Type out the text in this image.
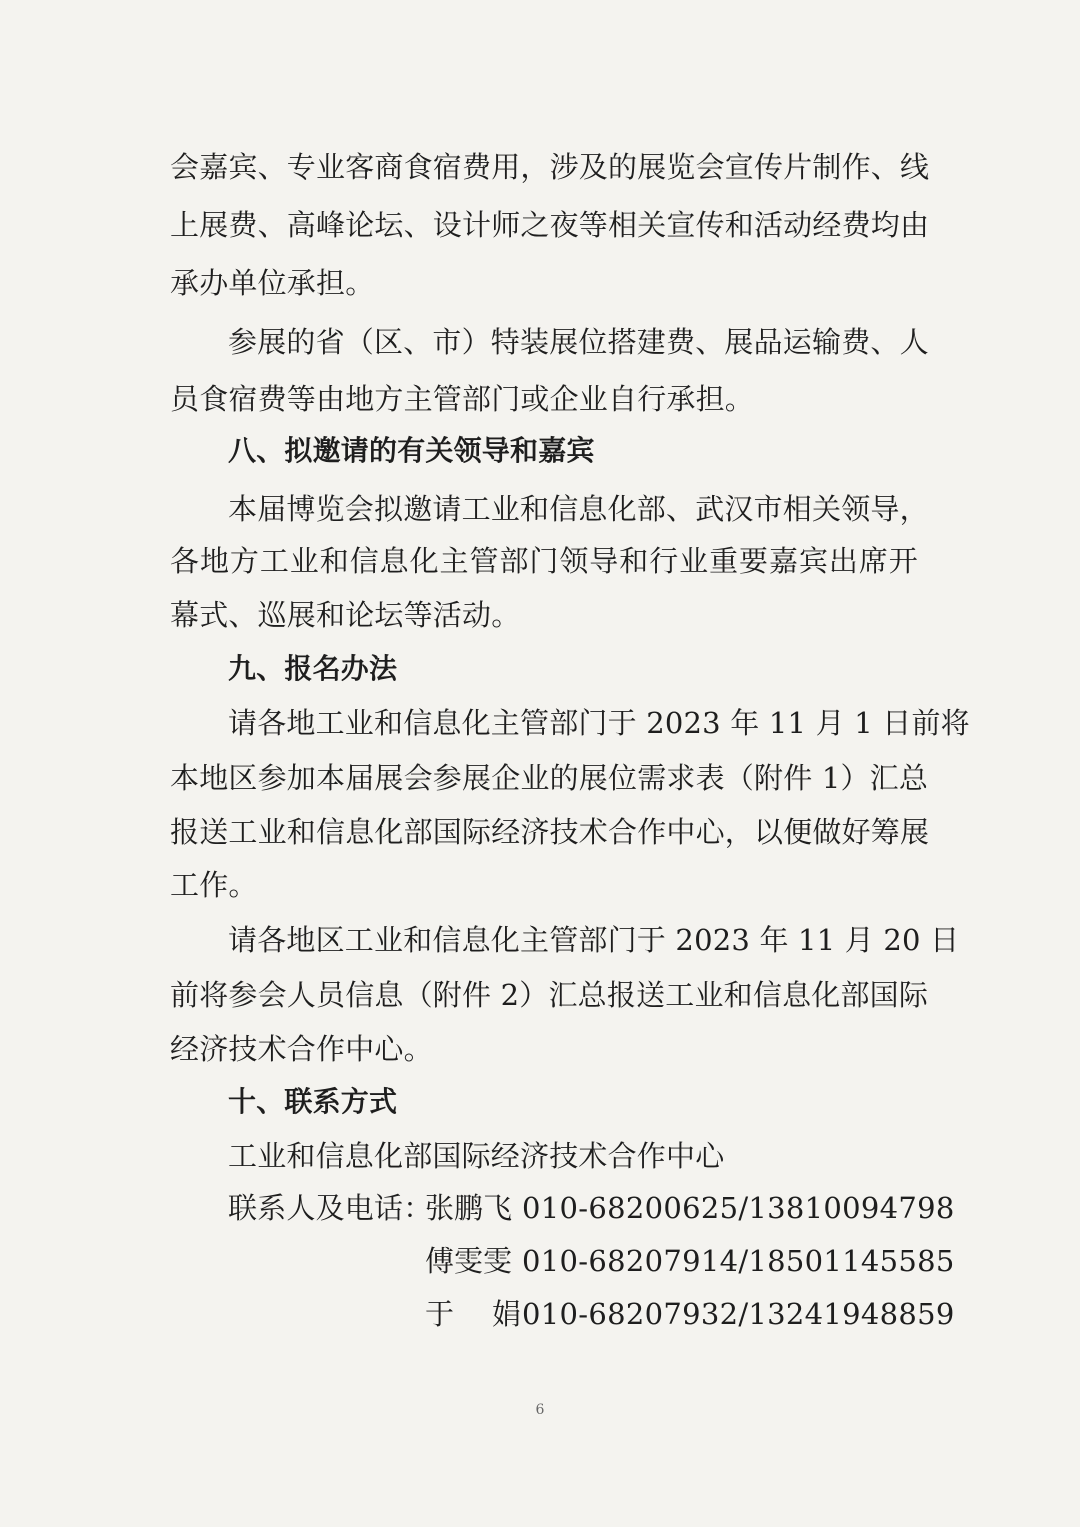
会嘉宾、专业客商食宿费用，涉及的展览会宣传片制作、线
上展费、高峰论坛、设计师之夜等相关宣传和活动经费均由
承办单位承担。
参展的省（区、市）特装展位搭建费、展品运输费、人
员食宿费等由地方主管部门或企业自行承担。
八、拟邀请的有关领导和嘉宾
本届博览会拟邀请工业和信息化部、武汉市相关领导，
各地方工业和信息化主管部门领导和行业重要嘉宾出席开
幕式、巡展和论坛等活动。
九、报名办法
请各地工业和信息化主管部门于 2023 年 11 月 1 日前将
本地区参加本届展会参展企业的展位需求表（附件 1）汇总
报送工业和信息化部国际经济技术合作中心，以便做好筹展
工作。
请各地区工业和信息化主管部门于 2023 年 11 月 20 日
前将参会人员信息（附件 2）汇总报送工业和信息化部国际
经济技术合作中心。
十、联系方式
工业和信息化部国际经济技术合作中心
联系人及电话：
张鹏飞 010-68200625/13810094798
傅雯雯 010-68207914/18501145585
于娟
010-68207932/13241948859
6
